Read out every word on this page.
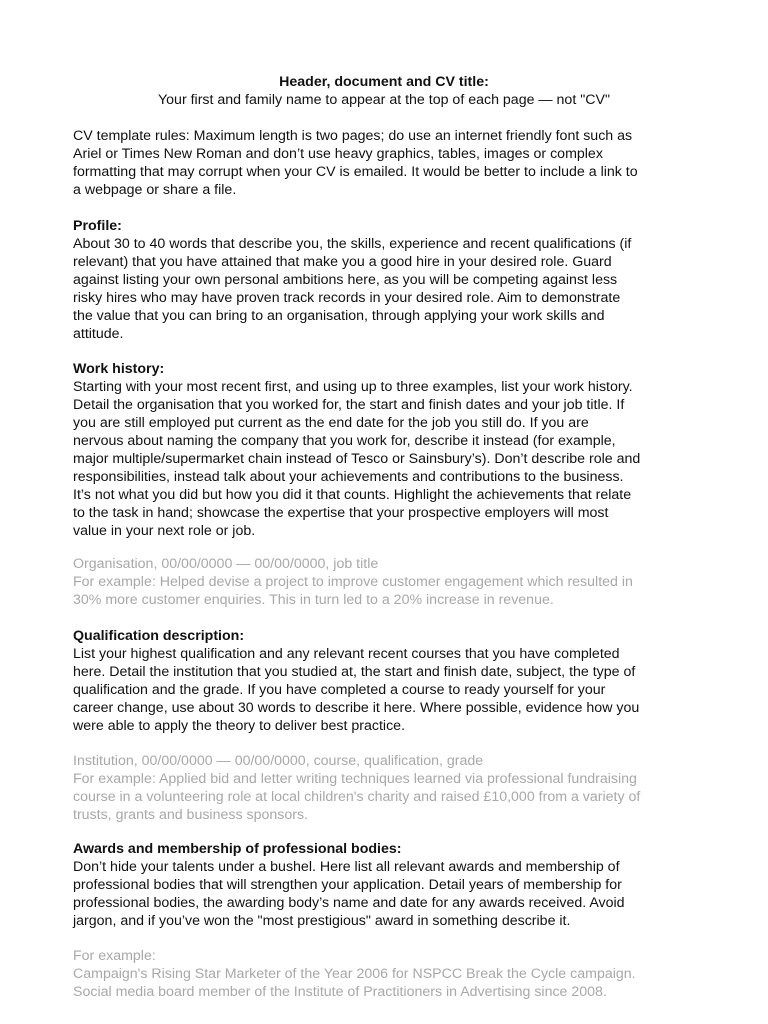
Header, document and CV title:

Your first and family name to appear at the top of each page — not "CV"

CV template rules: Maximum length is two pages; do use an internet friendly font such as

Ariel or Times New Roman and don’t use heavy graphics, tables, images or complex

formatting that may corrupt when your CV is emailed. It would be better to include a link to

a webpage or share a file.

Profile:

About 30 to 40 words that describe you, the skills, experience and recent qualifications (if

relevant) that you have attained that make you a good hire in your desired role. Guard

against listing your own personal ambitions here, as you will be competing against less

risky hires who may have proven track records in your desired role. Aim to demonstrate

the value that you can bring to an organisation, through applying your work skills and

attitude.

Work history:

Starting with your most recent first, and using up to three examples, list your work history.

Detail the organisation that you worked for, the start and finish dates and your job title. If

you are still employed put current as the end date for the job you still do. If you are

nervous about naming the company that you work for, describe it instead (for example,

major multiple/supermarket chain instead of Tesco or Sainsbury’s). Don’t describe role and

responsibilities, instead talk about your achievements and contributions to the business.

It’s not what you did but how you did it that counts. Highlight the achievements that relate

to the task in hand; showcase the expertise that your prospective employers will most

value in your next role or job.

Organisation, 00/00/0000 — 00/00/0000, job title

For example: Helped devise a project to improve customer engagement which resulted in

30% more customer enquiries. This in turn led to a 20% increase in revenue.

Qualification description:

List your highest qualification and any relevant recent courses that you have completed

here. Detail the institution that you studied at, the start and finish date, subject, the type of

qualification and the grade. If you have completed a course to ready yourself for your

career change, use about 30 words to describe it here. Where possible, evidence how you

were able to apply the theory to deliver best practice.

Institution, 00/00/0000 — 00/00/0000, course, qualification, grade

For example: Applied bid and letter writing techniques learned via professional fundraising

course in a volunteering role at local children's charity and raised £10,000 from a variety of

trusts, grants and business sponsors.

Awards and membership of professional bodies:

Don’t hide your talents under a bushel. Here list all relevant awards and membership of

professional bodies that will strengthen your application. Detail years of membership for

professional bodies, the awarding body’s name and date for any awards received. Avoid

jargon, and if you’ve won the "most prestigious" award in something describe it.

For example:

Campaign's Rising Star Marketer of the Year 2006 for NSPCC Break the Cycle campaign.

Social media board member of the Institute of Practitioners in Advertising since 2008.
